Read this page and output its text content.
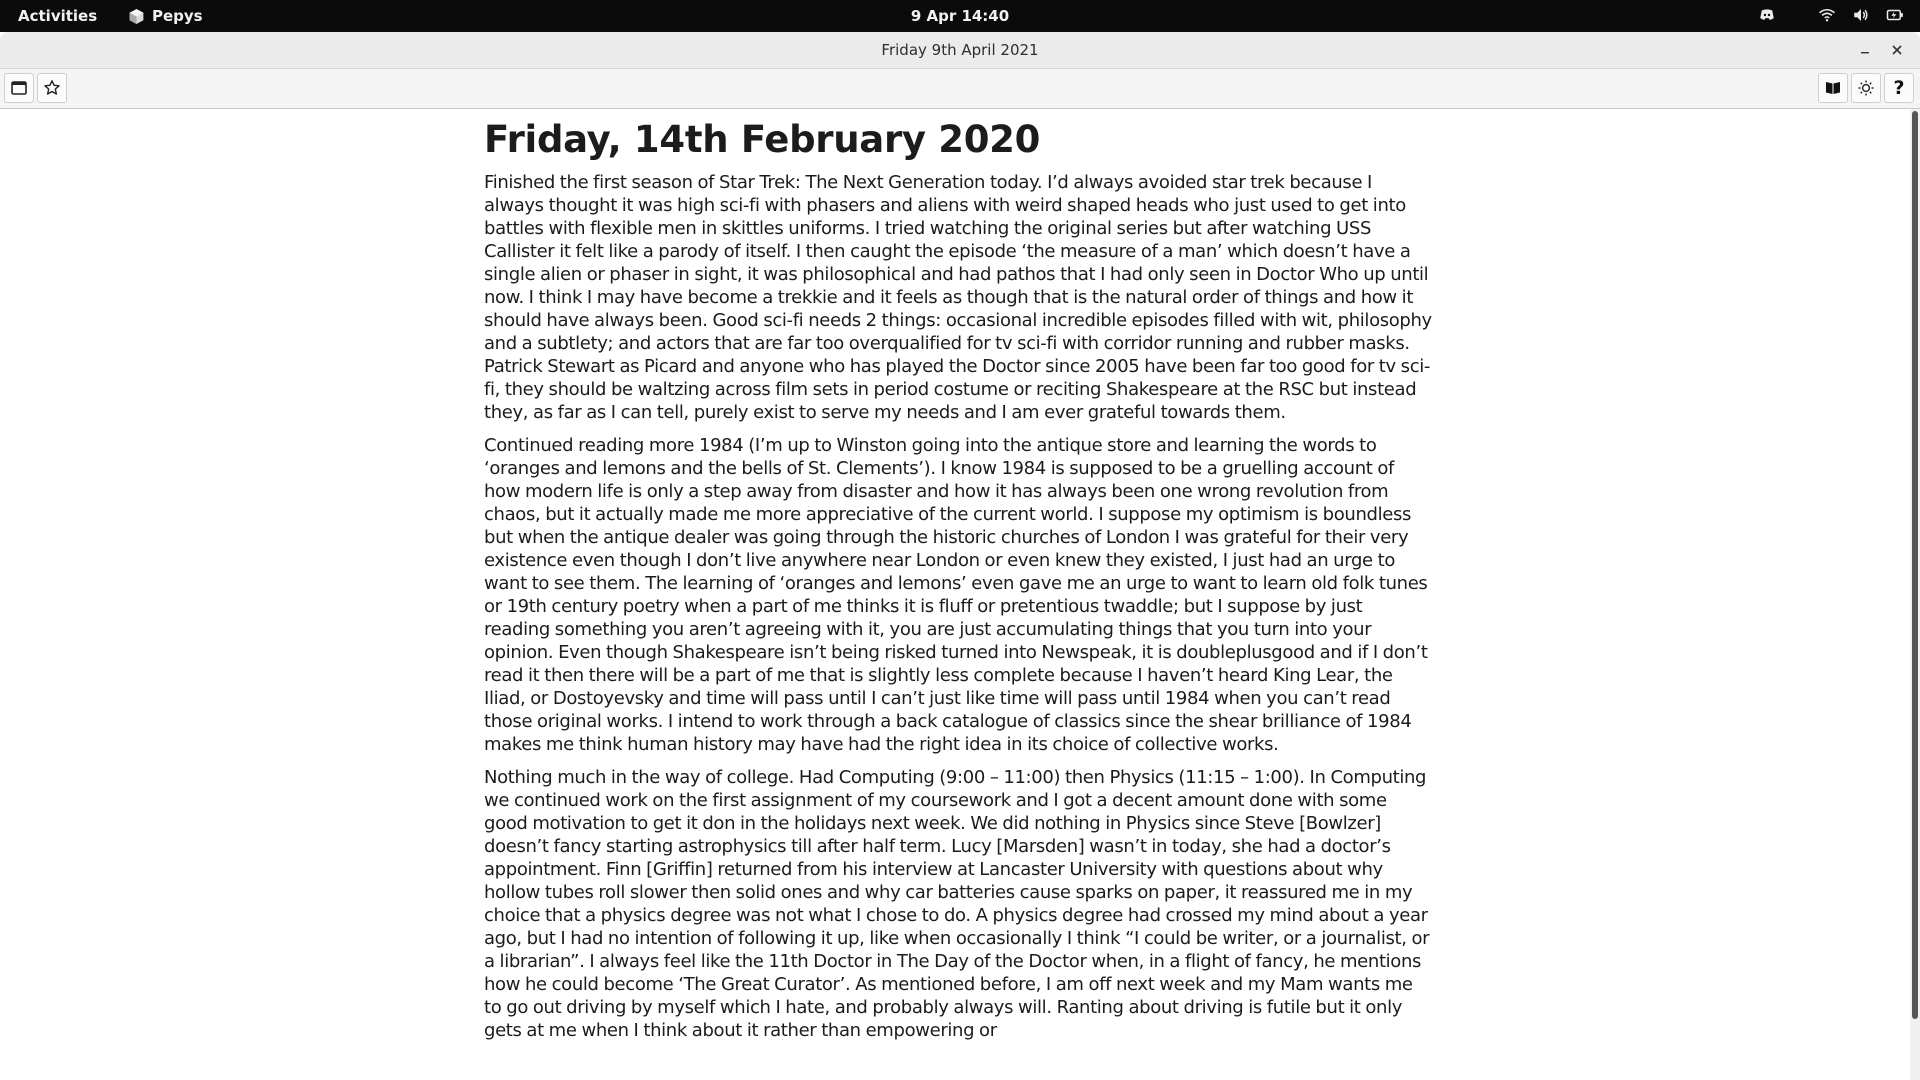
Activities	Pepys	9 Apr 14:40
Friday 9th April 2021
?
Friday, 14th February 2020

Finished the first season of Star Trek: The Next Generation today. I’d always avoided star trek because I always thought it was high sci-fi with phasers and aliens with weird shaped heads who just used to get into battles with flexible men in skittles uniforms. I tried watching the original series but after watching USS Callister it felt like a parody of itself. I then caught the episode ‘the measure of a man’ which doesn’t have a single alien or phaser in sight, it was philosophical and had pathos that I had only seen in Doctor Who up until now. I think I may have become a trekkie and it feels as though that is the natural order of things and how it should have always been. Good sci-fi needs 2 things: occasional incredible episodes filled with wit, philosophy and a subtlety; and actors that are far too overqualified for tv sci-fi with corridor running and rubber masks. Patrick Stewart as Picard and anyone who has played the Doctor since 2005 have been far too good for tv sci-fi, they should be waltzing across film sets in period costume or reciting Shakespeare at the RSC but instead they, as far as I can tell, purely exist to serve my needs and I am ever grateful towards them.

Continued reading more 1984 (I’m up to Winston going into the antique store and learning the words to ‘oranges and lemons and the bells of St. Clements’). I know 1984 is supposed to be a gruelling account of how modern life is only a step away from disaster and how it has always been one wrong revolution from chaos, but it actually made me more appreciative of the current world. I suppose my optimism is boundless but when the antique dealer was going through the historic churches of London I was grateful for their very existence even though I don’t live anywhere near London or even knew they existed, I just had an urge to want to see them. The learning of ‘oranges and lemons’ even gave me an urge to want to learn old folk tunes or 19th century poetry when a part of me thinks it is fluff or pretentious twaddle; but I suppose by just reading something you aren’t agreeing with it, you are just accumulating things that you turn into your opinion. Even though Shakespeare isn’t being risked turned into Newspeak, it is doubleplusgood and if I don’t read it then there will be a part of me that is slightly less complete because I haven’t heard King Lear, the Iliad, or Dostoyevsky and time will pass until I can’t just like time will pass until 1984 when you can’t read those original works. I intend to work through a back catalogue of classics since the shear brilliance of 1984 makes me think human history may have had the right idea in its choice of collective works.

Nothing much in the way of college. Had Computing (9:00 – 11:00) then Physics (11:15 – 1:00). In Computing we continued work on the first assignment of my coursework and I got a decent amount done with some good motivation to get it don in the holidays next week. We did nothing in Physics since Steve [Bowlzer] doesn’t fancy starting astrophysics till after half term. Lucy [Marsden] wasn’t in today, she had a doctor’s appointment. Finn [Griffin] returned from his interview at Lancaster University with questions about why hollow tubes roll slower then solid ones and why car batteries cause sparks on paper, it reassured me in my choice that a physics degree was not what I chose to do. A physics degree had crossed my mind about a year ago, but I had no intention of following it up, like when occasionally I think “I could be writer, or a journalist, or a librarian”. I always feel like the 11th Doctor in The Day of the Doctor when, in a flight of fancy, he mentions how he could become ‘The Great Curator’. As mentioned before, I am off next week and my Mam wants me to go out driving by myself which I hate, and probably always will. Ranting about driving is futile but it only gets at me when I think about it rather than empowering or
